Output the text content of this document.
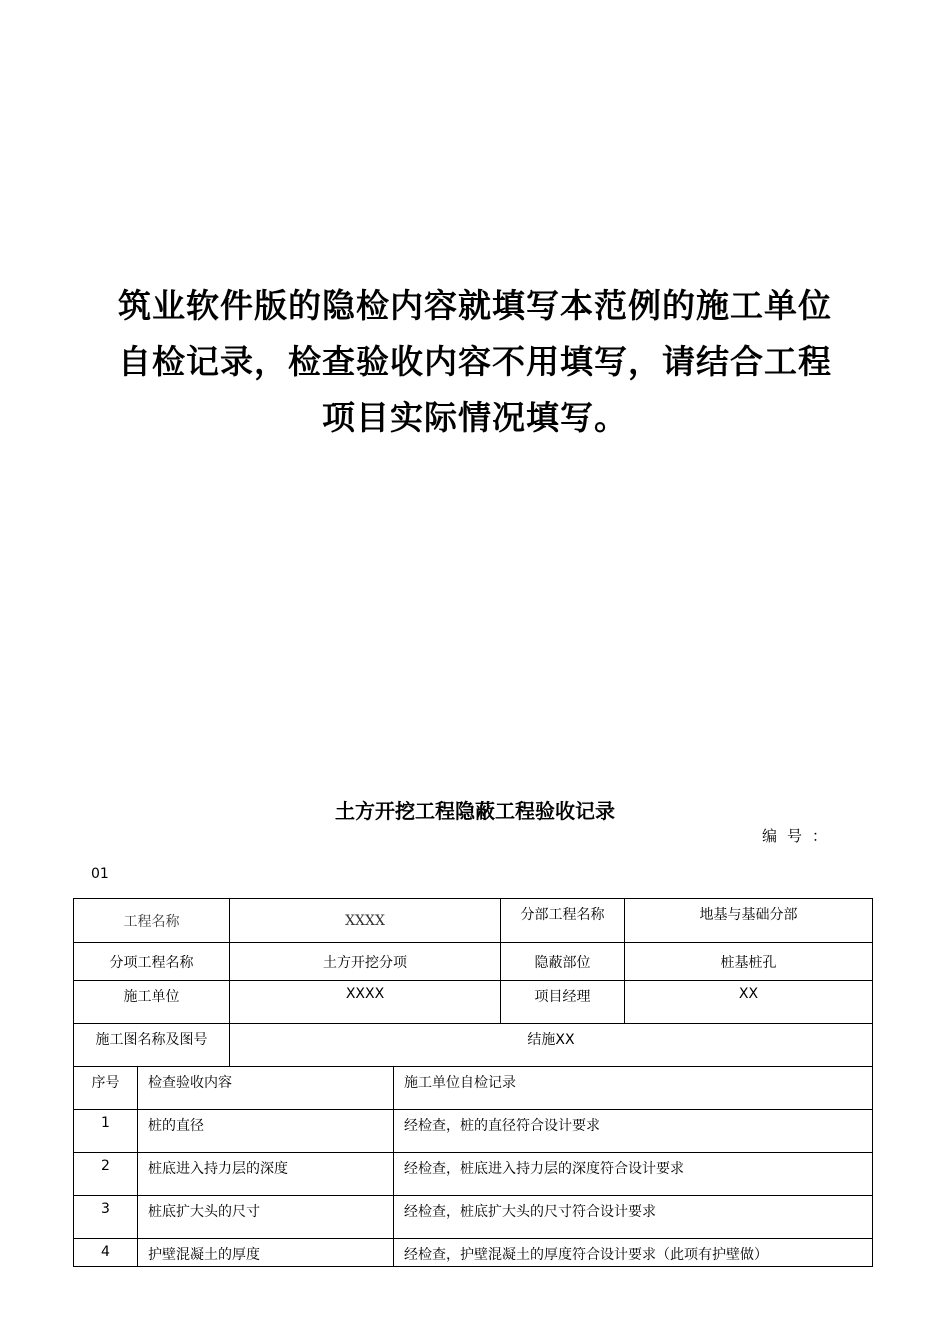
筑业软件版的隐检内容就填写本范例的施工单位
自检记录，检查验收内容不用填写，请结合工程
项目实际情况填写。
土方开挖工程隐蔽工程验收记录
编号：
01
工程名称		XXXX		分部工程名称	地基与基础分部
分项工程名称		土方开挖分项		隐蔽部位	桩基桩孔
施工单位		XXXX		项目经理	XX
施工图名称及图号		结施XX			
序号	检查验收内容		施工单位自检记录		
1	桩的直径		经检查，桩的直径符合设计要求		
2	桩底进入持力层的深度		经检查，桩底进入持力层的深度符合设计要求		
3	桩底扩大头的尺寸		经检查，桩底扩大头的尺寸符合设计要求		
4	护壁混凝土的厚度		经检查，护壁混凝土的厚度符合设计要求（此项有护壁做）		
